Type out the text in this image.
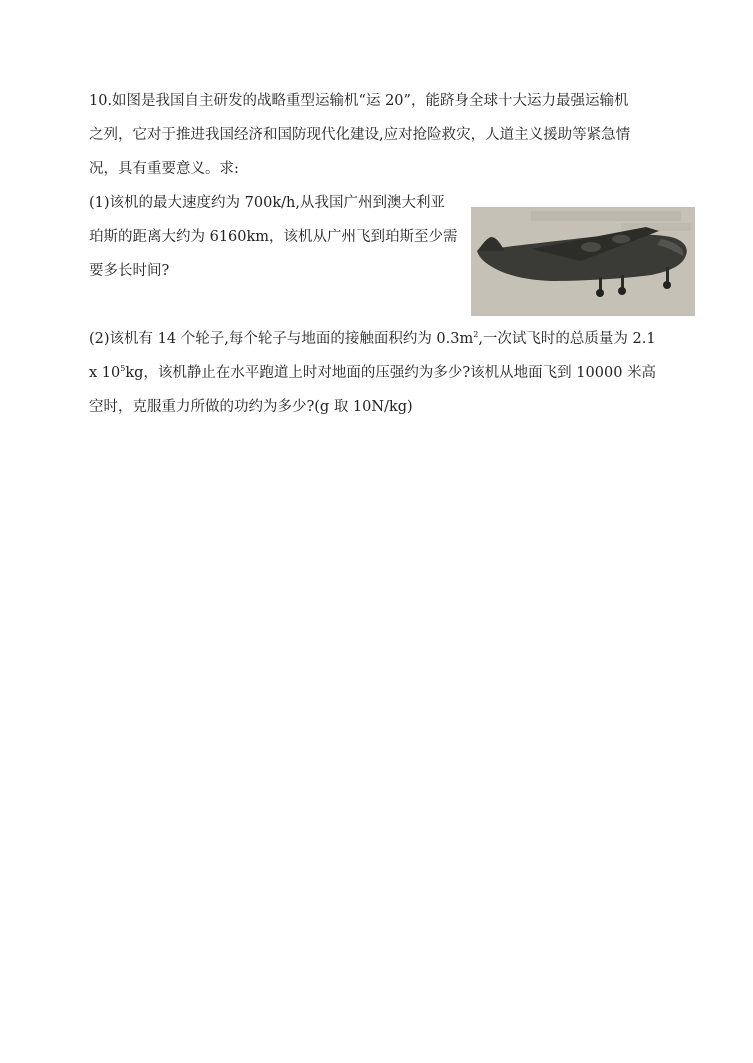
10.如图是我国自主研发的战略重型运输机“运 20”，能跻身全球十大运力最强运输机
之列，它对于推进我国经济和国防现代化建设,应对抢险救灾，人道主义援助等紧急情
况，具有重要意义。求:
(1)该机的最大速度约为 700k/h,从我国广州到澳大利亚
珀斯的距离大约为 6160km，该机从广州飞到珀斯至少需
要多长时间?
(2)该机有 14 个轮子,每个轮子与地面的接触面积约为 $0.3m^2$,一次试飞时的总质量为 2.1
x $10^5kg$，该机静止在水平跑道上时对地面的压强约为多少?该机从地面飞到 10000 米高
空时，克服重力所做的功约为多少?(g 取 10N/kg)
